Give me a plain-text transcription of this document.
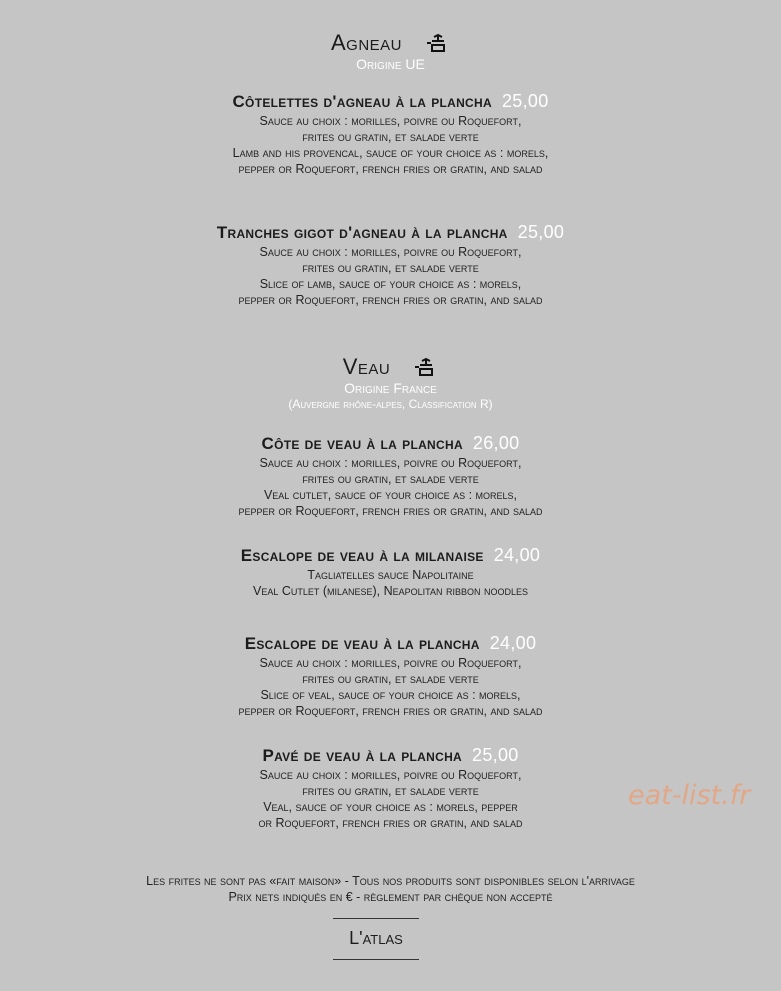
Agneau
Origine UE
Côtelettes d'agneau à la plancha 25,00
Sauce au choix : morilles, poivre ou Roquefort,
frites ou gratin, et salade verte
Lamb and his provencal, sauce of your choice as : morels,
pepper or Roquefort, french fries or gratin, and salad
Tranches gigot d'agneau à la plancha 25,00
Sauce au choix : morilles, poivre ou Roquefort,
frites ou gratin, et salade verte
Slice of lamb, sauce of your choice as : morels,
pepper or Roquefort, french fries or gratin, and salad
Veau
Origine France
(Auvergne rhône-alpes, Classification R)
Côte de veau à la plancha 26,00
Sauce au choix : morilles, poivre ou Roquefort,
frites ou gratin, et salade verte
Veal cutlet, sauce of your choice as : morels,
pepper or Roquefort, french fries or gratin, and salad
Escalope de veau à la milanaise 24,00
Tagliatelles sauce Napolitaine
Veal Cutlet (milanese), Neapolitan ribbon noodles
Escalope de veau à la plancha 24,00
Sauce au choix : morilles, poivre ou Roquefort,
frites ou gratin, et salade verte
Slice of veal, sauce of your choice as : morels,
pepper or Roquefort, french fries or gratin, and salad
Pavé de veau à la plancha 25,00
Sauce au choix : morilles, poivre ou Roquefort,
frites ou gratin, et salade verte
Veal, sauce of your choice as : morels, pepper
or Roquefort, french fries or gratin, and salad
eat-list.fr
Les frites ne sont pas «fait maison» - Tous nos produits sont disponibles selon l'arrivage
Prix nets indiqués en € - règlement par chèque non accepté
L'atlas
